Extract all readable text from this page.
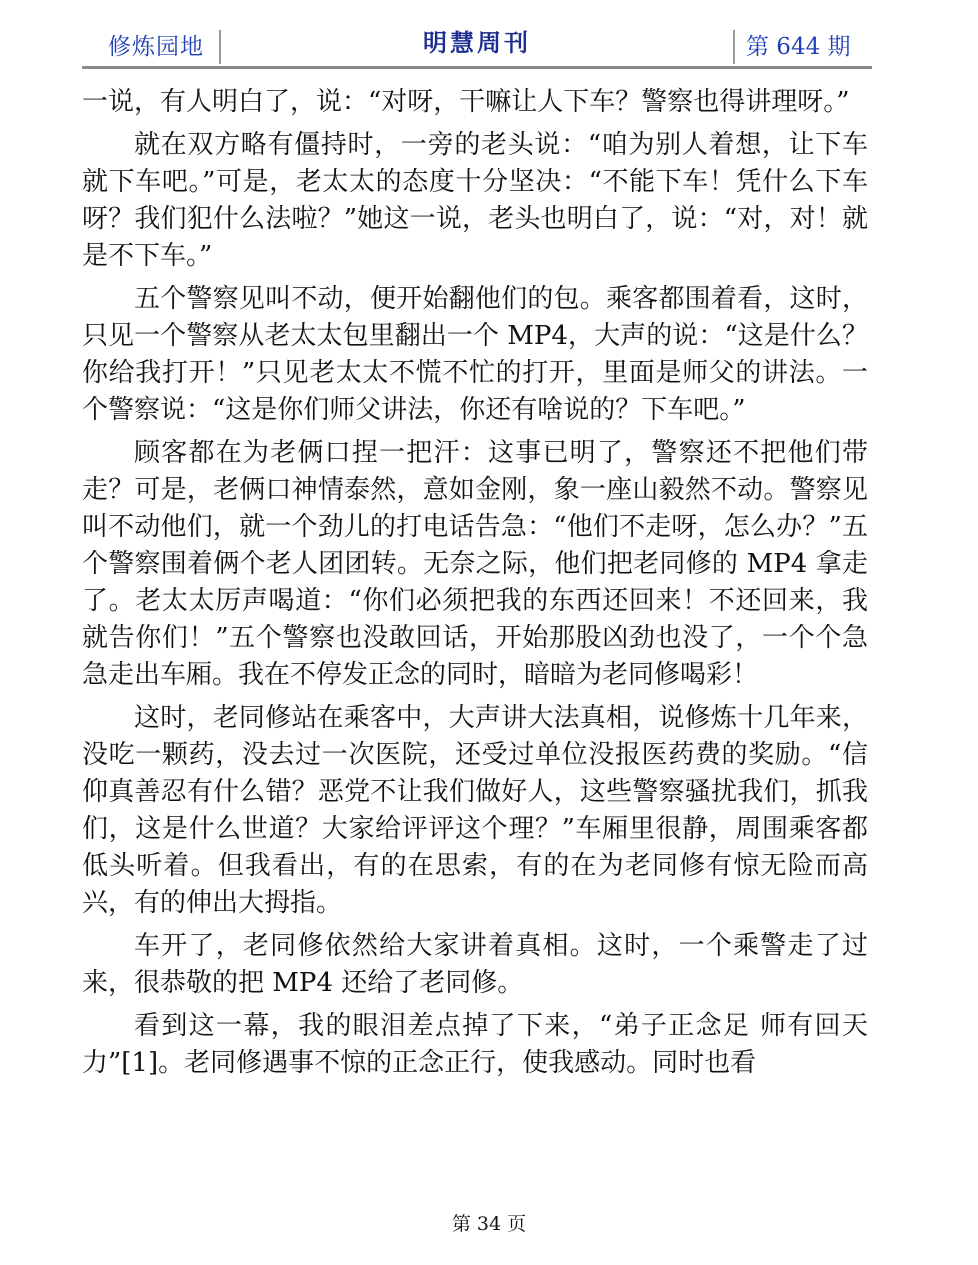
修炼园地	明慧周刊	第 644 期

一说，有人明白了，说：“对呀，干嘛让人下车？警察也得讲理呀。”

就在双方略有僵持时，一旁的老头说：“咱为别人着想，让下车就下车吧。”可是，老太太的态度十分坚决：“不能下车！凭什么下车呀？我们犯什么法啦？”她这一说，老头也明白了，说：“对，对！就是不下车。”

五个警察见叫不动，便开始翻他们的包。乘客都围着看，这时，只见一个警察从老太太包里翻出一个 MP4，大声的说：“这是什么？你给我打开！”只见老太太不慌不忙的打开，里面是师父的讲法。一个警察说：“这是你们师父讲法，你还有啥说的？下车吧。”

顾客都在为老俩口捏一把汗：这事已明了，警察还不把他们带走？可是，老俩口神情泰然，意如金刚，象一座山毅然不动。警察见叫不动他们，就一个劲儿的打电话告急：“他们不走呀，怎么办？”五个警察围着俩个老人团团转。无奈之际，他们把老同修的 MP4 拿走了。老太太厉声喝道：“你们必须把我的东西还回来！不还回来，我就告你们！”五个警察也没敢回话，开始那股凶劲也没了，一个个急急走出车厢。我在不停发正念的同时，暗暗为老同修喝彩！

这时，老同修站在乘客中，大声讲大法真相，说修炼十几年来，没吃一颗药，没去过一次医院，还受过单位没报医药费的奖励。“信仰真善忍有什么错？恶党不让我们做好人，这些警察骚扰我们，抓我们，这是什么世道？大家给评评这个理？”车厢里很静，周围乘客都低头听着。但我看出，有的在思索，有的在为老同修有惊无险而高兴，有的伸出大拇指。

车开了，老同修依然给大家讲着真相。这时，一个乘警走了过来，很恭敬的把 MP4 还给了老同修。

看到这一幕，我的眼泪差点掉了下来，“弟子正念足 师有回天力”[1]。老同修遇事不惊的正念正行，使我感动。同时也看

第 34 页
